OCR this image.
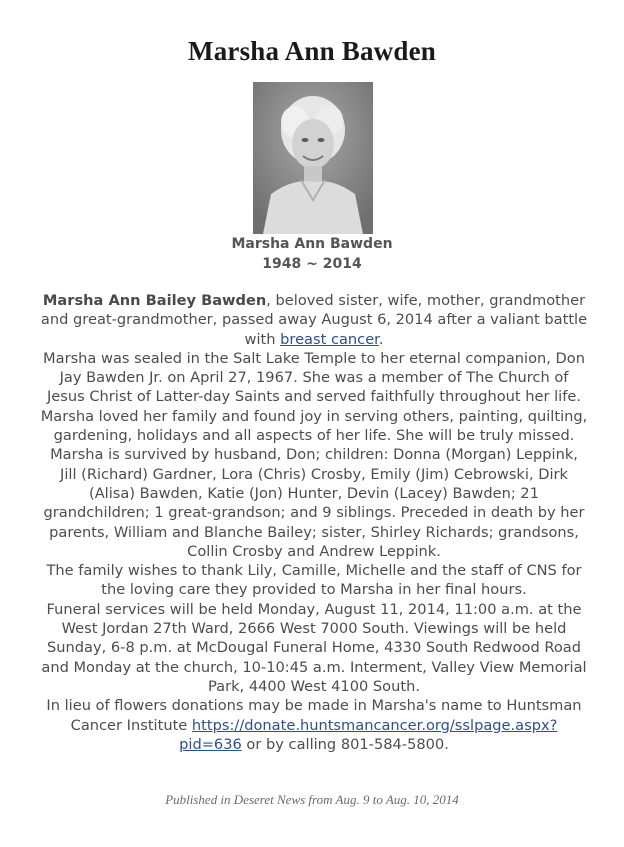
Marsha Ann Bawden
Marsha Ann Bawden
1948 ~ 2014

Marsha Ann Bailey Bawden, beloved sister, wife, mother, grandmother and great-grandmother, passed away August 6, 2014 after a valiant battle with breast cancer.

Marsha was sealed in the Salt Lake Temple to her eternal companion, Don Jay Bawden Jr. on April 27, 1967. She was a member of The Church of Jesus Christ of Latter-day Saints and served faithfully throughout her life. Marsha loved her family and found joy in serving others, painting, quilting, gardening, holidays and all aspects of her life. She will be truly missed.

Marsha is survived by husband, Don; children: Donna (Morgan) Leppink, Jill (Richard) Gardner, Lora (Chris) Crosby, Emily (Jim) Cebrowski, Dirk (Alisa) Bawden, Katie (Jon) Hunter, Devin (Lacey) Bawden; 21 grandchildren; 1 great-grandson; and 9 siblings. Preceded in death by her parents, William and Blanche Bailey; sister, Shirley Richards; grandsons, Collin Crosby and Andrew Leppink.

The family wishes to thank Lily, Camille, Michelle and the staff of CNS for the loving care they provided to Marsha in her final hours.

Funeral services will be held Monday, August 11, 2014, 11:00 a.m. at the West Jordan 27th Ward, 2666 West 7000 South. Viewings will be held Sunday, 6-8 p.m. at McDougal Funeral Home, 4330 South Redwood Road and Monday at the church, 10-10:45 a.m. Interment, Valley View Memorial Park, 4400 West 4100 South.

In lieu of flowers donations may be made in Marsha's name to Huntsman Cancer Institute https://donate.huntsmancancer.org/sslpage.aspx?pid=636 or by calling 801-584-5800.

Published in Deseret News from Aug. 9 to Aug. 10, 2014
